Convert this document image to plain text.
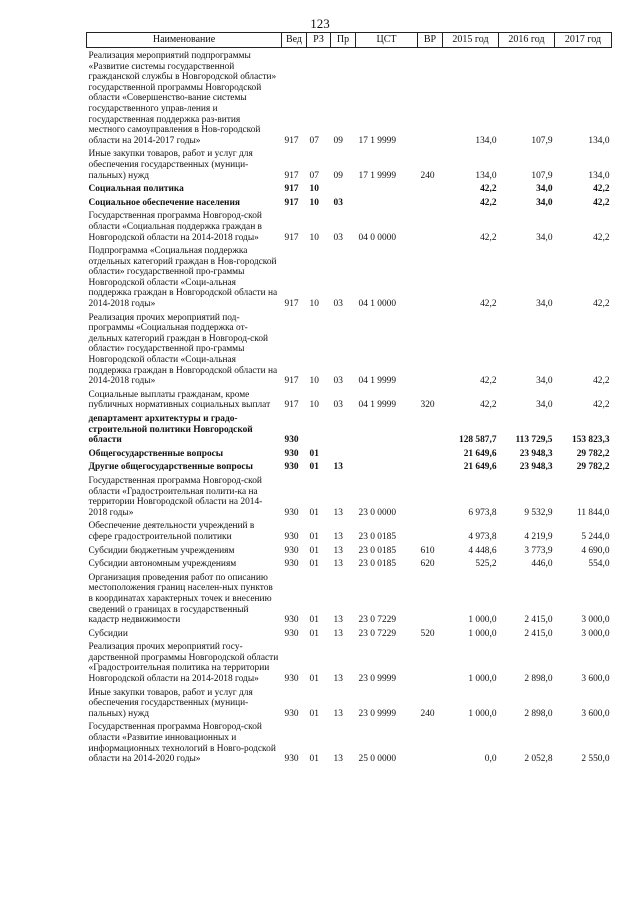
123
Наименование	Вед	РЗ	Пр	ЦСТ	ВР	2015 год	2016 год	2017 год
Реализация мероприятий подпрограммы «Развитие системы государственной гражданской службы в Новгородской области» государственной программы Новгородской области «Совершенство-вание системы государственного управ-ления и государственная поддержка раз-вития местного самоуправления в Нов-городской области на 2014-2017 годы»	917	07	09	17 1 9999		134,0	107,9	134,0
Иные закупки товаров, работ и услуг для обеспечения государственных (муници-пальных) нужд	917	07	09	17 1 9999	240	134,0	107,9	134,0
Социальная политика	917	10				42,2	34,0	42,2
Социальное обеспечение населения	917	10	03			42,2	34,0	42,2
Государственная программа Новгород-ской области «Социальная поддержка граждан в Новгородской области на 2014-2018 годы»	917	10	03	04 0 0000		42,2	34,0	42,2
Подпрограмма «Социальная поддержка отдельных категорий граждан в Нов-городской области» государственной про-граммы Новгородской области «Соци-альная поддержка граждан в Новгородской области на 2014-2018 годы»	917	10	03	04 1 0000		42,2	34,0	42,2
Реализация прочих мероприятий под-программы «Социальная поддержка от-дельных категорий граждан в Новгород-ской области» государственной про-граммы Новгородской области «Соци-альная поддержка граждан в Новгородской области на 2014-2018 годы»	917	10	03	04 1 9999		42,2	34,0	42,2
Социальные выплаты гражданам, кроме публичных нормативных социальных выплат	917	10	03	04 1 9999	320	42,2	34,0	42,2
департамент архитектуры и градо-строительной политики Новгородской области	930					128 587,7	113 729,5	153 823,3
Общегосударственные вопросы	930	01				21 649,6	23 948,3	29 782,2
Другие общегосударственные вопросы	930	01	13			21 649,6	23 948,3	29 782,2
Государственная программа Новгород-ской области «Градостроительная полити-ка на территории Новгородской области на 2014-2018 годы»	930	01	13	23 0 0000		6 973,8	9 532,9	11 844,0
Обеспечение деятельности учреждений в сфере градостроительной политики	930	01	13	23 0 0185		4 973,8	4 219,9	5 244,0
Субсидии бюджетным учреждениям	930	01	13	23 0 0185	610	4 448,6	3 773,9	4 690,0
Субсидии автономным учреждениям	930	01	13	23 0 0185	620	525,2	446,0	554,0
Организация проведения работ по описанию местоположения границ населен-ных пунктов в координатах характерных точек и внесению сведений о границах в государственный кадастр недвижимости	930	01	13	23 0 7229		1 000,0	2 415,0	3 000,0
Субсидии	930	01	13	23 0 7229	520	1 000,0	2 415,0	3 000,0
Реализация прочих мероприятий госу-дарственной программы Новгородской области «Градостроительная политика на территории Новгородской области на 2014-2018 годы»	930	01	13	23 0 9999		1 000,0	2 898,0	3 600,0
Иные закупки товаров, работ и услуг для обеспечения государственных (муници-пальных) нужд	930	01	13	23 0 9999	240	1 000,0	2 898,0	3 600,0
Государственная программа Новгород-ской области «Развитие инновационных и информационных технологий в Новго-родской области на 2014-2020 годы»	930	01	13	25 0 0000		0,0	2 052,8	2 550,0
